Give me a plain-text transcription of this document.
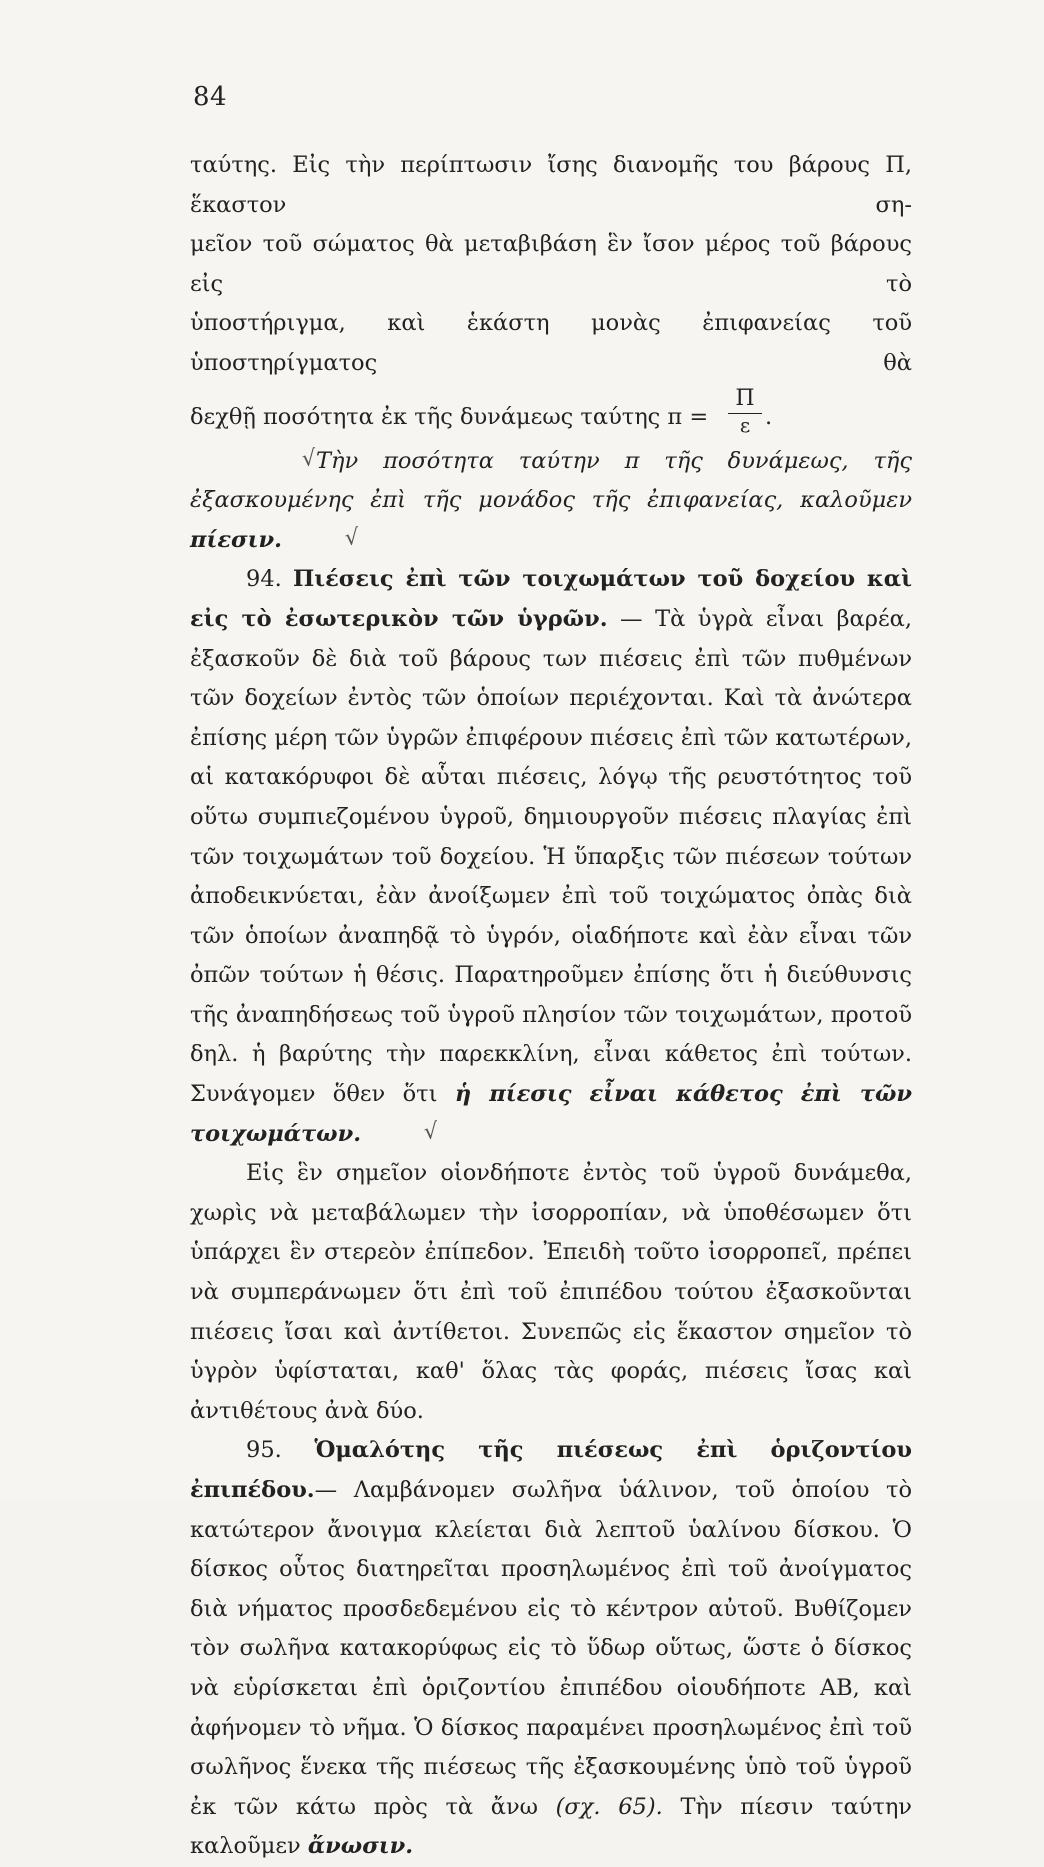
84

ταύτης. Εἰς τὴν περίπτωσιν ἴσης διανομῆς του βάρους Π, ἕκαστον ση-

μεῖον τοῦ σώματος θὰ μεταβιβάση ἓν ἴσον μέρος τοῦ βάρους εἰς τὸ

ὑποστήριγμα, καὶ ἑκάστη μονὰς ἐπιφανείας τοῦ ὑποστηρίγματος θὰ

δεχθῇ ποσότητα ἐκ τῆς δυνάμεως ταύτης π =
Π
ε .

√Τὴν ποσότητα ταύτην π τῆς δυνάμεως, τῆς ἐξασκουμένης ἐπὶ τῆς μονάδος τῆς ἐπιφανείας, καλοῦμεν πίεσιν.	√

94. Πιέσεις ἐπὶ τῶν τοιχωμάτων τοῦ δοχείου καὶ εἰς τὸ ἐσωτερικὸν τῶν ὑγρῶν. — Τὰ ὑγρὰ εἶναι βαρέα, ἐξασκοῦν δὲ διὰ τοῦ βάρους των πιέσεις ἐπὶ τῶν πυθμένων τῶν δοχείων ἐντὸς τῶν ὁποίων περιέχονται. Καὶ τὰ ἀνώτερα ἐπίσης μέρη τῶν ὑγρῶν ἐπιφέρουν πιέσεις ἐπὶ τῶν κατωτέρων, αἱ κατακόρυφοι δὲ αὗται πιέσεις, λόγῳ τῆς ρευστότητος τοῦ οὕτω συμπιεζομένου ὑγροῦ, δημιουργοῦν πιέσεις πλαγίας ἐπὶ τῶν τοιχωμάτων τοῦ δοχείου. Ἡ ὕπαρξις τῶν πιέσεων τούτων ἀποδεικνύεται, ἐὰν ἀνοίξωμεν ἐπὶ τοῦ τοιχώματος ὀπὰς διὰ τῶν ὁποίων ἀναπηδᾷ τὸ ὑγρόν, οἱαδήποτε καὶ ἐὰν εἶναι τῶν ὀπῶν τούτων ἡ θέσις. Παρατηροῦμεν ἐπίσης ὅτι ἡ διεύθυνσις τῆς ἀναπηδήσεως τοῦ ὑγροῦ πλησίον τῶν τοιχωμάτων, προτοῦ δηλ. ἡ βαρύτης τὴν παρεκκλίνη, εἶναι κάθετος ἐπὶ τούτων. Συνάγομεν ὅθεν ὅτι ἡ πίεσις εἶναι κάθετος ἐπὶ τῶν τοιχωμάτων.	√

Εἰς ἓν σημεῖον οἱονδήποτε ἐντὸς τοῦ ὑγροῦ δυνάμεθα, χωρὶς νὰ μεταβάλωμεν τὴν ἰσορροπίαν, νὰ ὑποθέσωμεν ὅτι ὑπάρχει ἓν στερεὸν ἐπίπεδον. Ἐπειδὴ τοῦτο ἰσορροπεῖ, πρέπει νὰ συμπεράνωμεν ὅτι ἐπὶ τοῦ ἐπιπέδου τούτου ἐξασκοῦνται πιέσεις ἴσαι καὶ ἀντίθετοι. Συνεπῶς εἰς ἕκαστον σημεῖον τὸ ὑγρὸν ὑφίσταται, καθ' ὅλας τὰς φοράς, πιέσεις ἴσας καὶ ἀντιθέτους ἀνὰ δύο.

95. Ὁμαλότης τῆς πιέσεως ἐπὶ ὁριζοντίου ἐπιπέδου.— Λαμβάνομεν σωλῆνα ὑάλινον, τοῦ ὁποίου τὸ κατώτερον ἄνοιγμα κλείεται διὰ λεπτοῦ ὑαλίνου δίσκου. Ὁ δίσκος οὗτος διατηρεῖται προσηλωμένος ἐπὶ τοῦ ἀνοίγματος διὰ νήματος προσδεδεμένου εἰς τὸ κέντρον αὐτοῦ. Βυθίζομεν τὸν σωλῆνα κατακορύφως εἰς τὸ ὕδωρ οὕτως, ὥστε ὁ δίσκος νὰ εὑρίσκεται ἐπὶ ὁριζοντίου ἐπιπέδου οἱουδήποτε ΑΒ, καὶ ἀφήνομεν τὸ νῆμα. Ὁ δίσκος παραμένει προσηλωμένος ἐπὶ τοῦ σωλῆνος ἕνεκα τῆς πιέσεως τῆς ἐξασκουμένης ὑπὸ τοῦ ὑγροῦ ἐκ τῶν κάτω πρὸς τὰ ἄνω (σχ. 65). Τὴν πίεσιν ταύτην καλοῦμεν ἄνωσιν.
